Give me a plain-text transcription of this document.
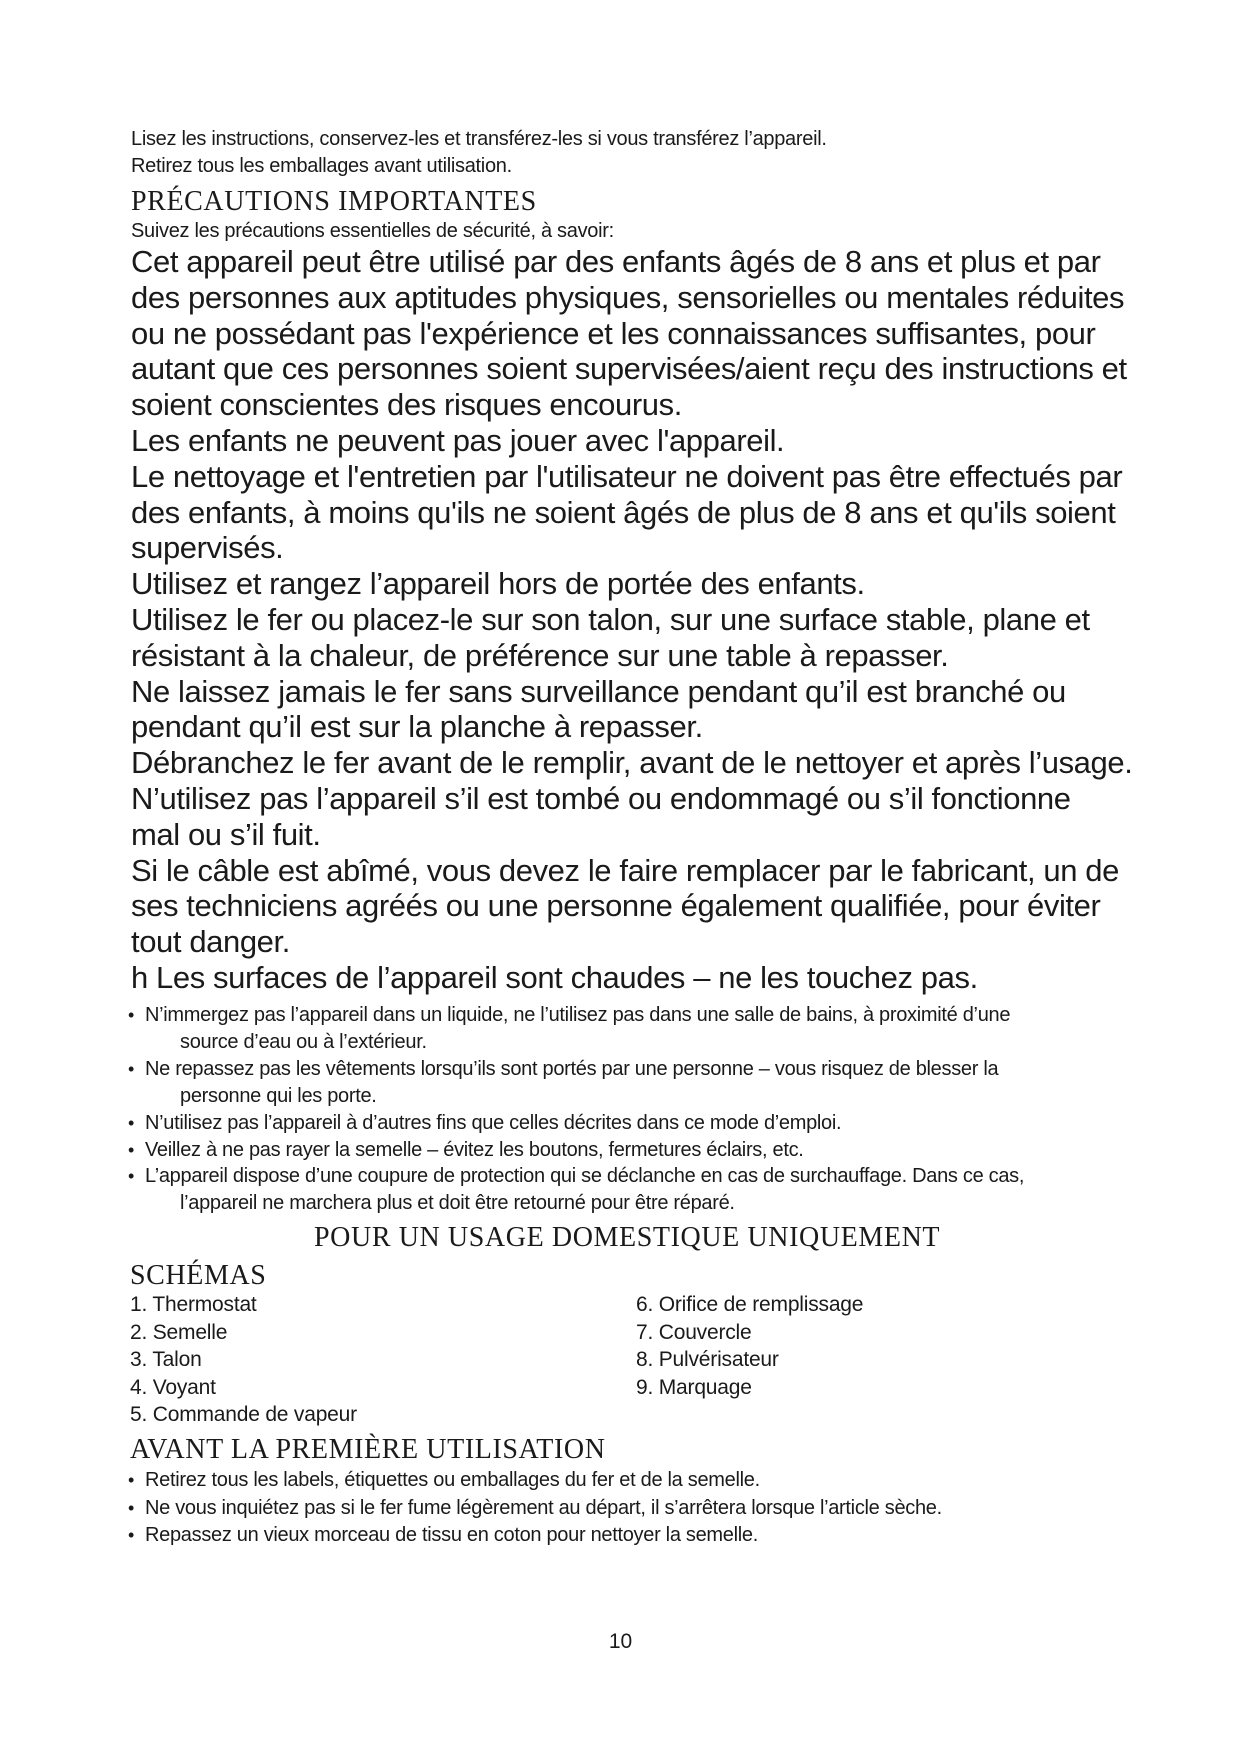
Lisez les instructions, conservez-les et transférez-les si vous transférez l’appareil.
Retirez tous les emballages avant utilisation.
PRÉCAUTIONS IMPORTANTES
Suivez les précautions essentielles de sécurité, à savoir:
Cet appareil peut être utilisé par des enfants âgés de 8 ans et plus et par
des personnes aux aptitudes physiques, sensorielles ou mentales réduites
ou ne possédant pas l'expérience et les connaissances suffisantes, pour
autant que ces personnes soient supervisées/aient reçu des instructions et
soient conscientes des risques encourus.
Les enfants ne peuvent pas jouer avec l'appareil.
Le nettoyage et l'entretien par l'utilisateur ne doivent pas être effectués par
des enfants, à moins qu'ils ne soient âgés de plus de 8 ans et qu'ils soient
supervisés.
Utilisez et rangez l’appareil hors de portée des enfants.
Utilisez le fer ou placez-le sur son talon, sur une surface stable, plane et
résistant à la chaleur, de préférence sur une table à repasser.
Ne laissez jamais le fer sans surveillance pendant qu’il est branché ou
pendant qu’il est sur la planche à repasser.
Débranchez le fer avant de le remplir, avant de le nettoyer et après l’usage.
N’utilisez pas l’appareil s’il est tombé ou endommagé ou s’il fonctionne
mal ou s’il fuit.
Si le câble est abîmé, vous devez le faire remplacer par le fabricant, un de
ses techniciens agréés ou une personne également qualifiée, pour éviter
tout danger.
h Les surfaces de l’appareil sont chaudes – ne les touchez pas.
• N’immergez pas l’appareil dans un liquide, ne l’utilisez pas dans une salle de bains, à proximité d’une
source d’eau ou à l’extérieur.
• Ne repassez pas les vêtements lorsqu’ils sont portés par une personne – vous risquez de blesser la
personne qui les porte.
• N’utilisez pas l’appareil à d’autres fins que celles décrites dans ce mode d’emploi.
• Veillez à ne pas rayer la semelle – évitez les boutons, fermetures éclairs, etc.
• L’appareil dispose d’une coupure de protection qui se déclanche en cas de surchauffage. Dans ce cas,
l’appareil ne marchera plus et doit être retourné pour être réparé.
POUR UN USAGE DOMESTIQUE UNIQUEMENT
SCHÉMAS
1. Thermostat
2. Semelle
3. Talon
4. Voyant
5. Commande de vapeur
6. Orifice de remplissage
7. Couvercle
8. Pulvérisateur
9. Marquage
AVANT LA PREMIÈRE UTILISATION
• Retirez tous les labels, étiquettes ou emballages du fer et de la semelle.
• Ne vous inquiétez pas si le fer fume légèrement au départ, il s’arrêtera lorsque l’article sèche.
• Repassez un vieux morceau de tissu en coton pour nettoyer la semelle.
10
